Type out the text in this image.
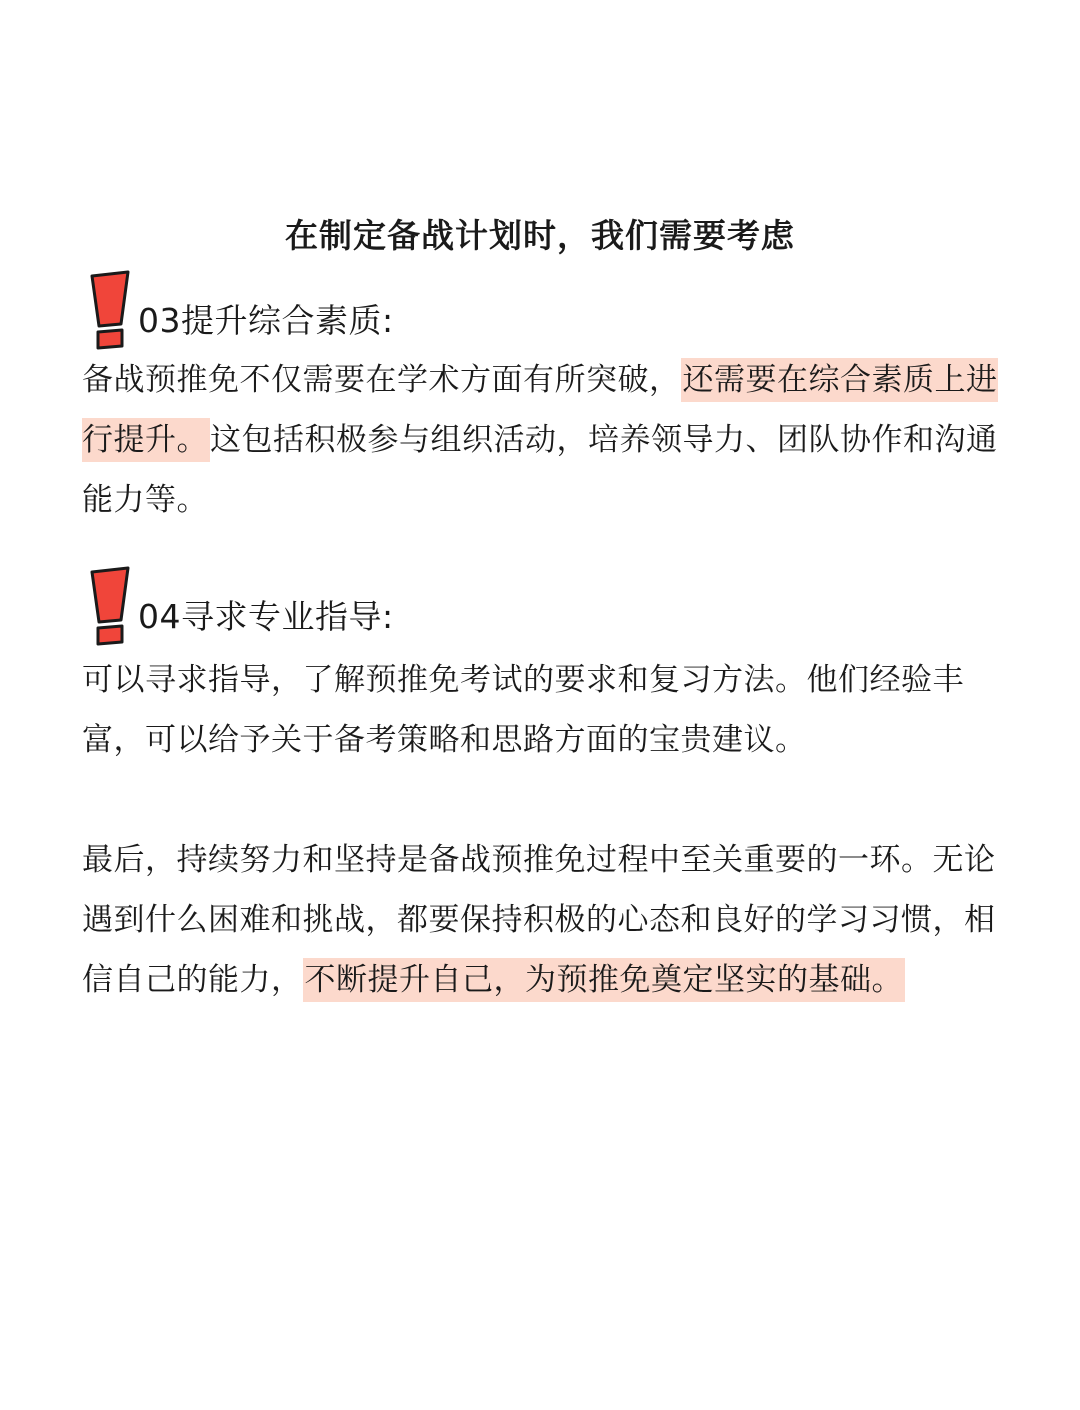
在制定备战计划时，我们需要考虑
03提升综合素质:

备战预推免不仅需要在学术方面有所突破，还需要在综合素质上进行提升。这包括积极参与组织活动，培养领导力、团队协作和沟通能力等。

04寻求专业指导:

可以寻求指导，了解预推免考试的要求和复习方法。他们经验丰富，可以给予关于备考策略和思路方面的宝贵建议。

最后，持续努力和坚持是备战预推免过程中至关重要的一环。无论遇到什么困难和挑战，都要保持积极的心态和良好的学习习惯，相信自己的能力，不断提升自己，为预推免奠定坚实的基础。
